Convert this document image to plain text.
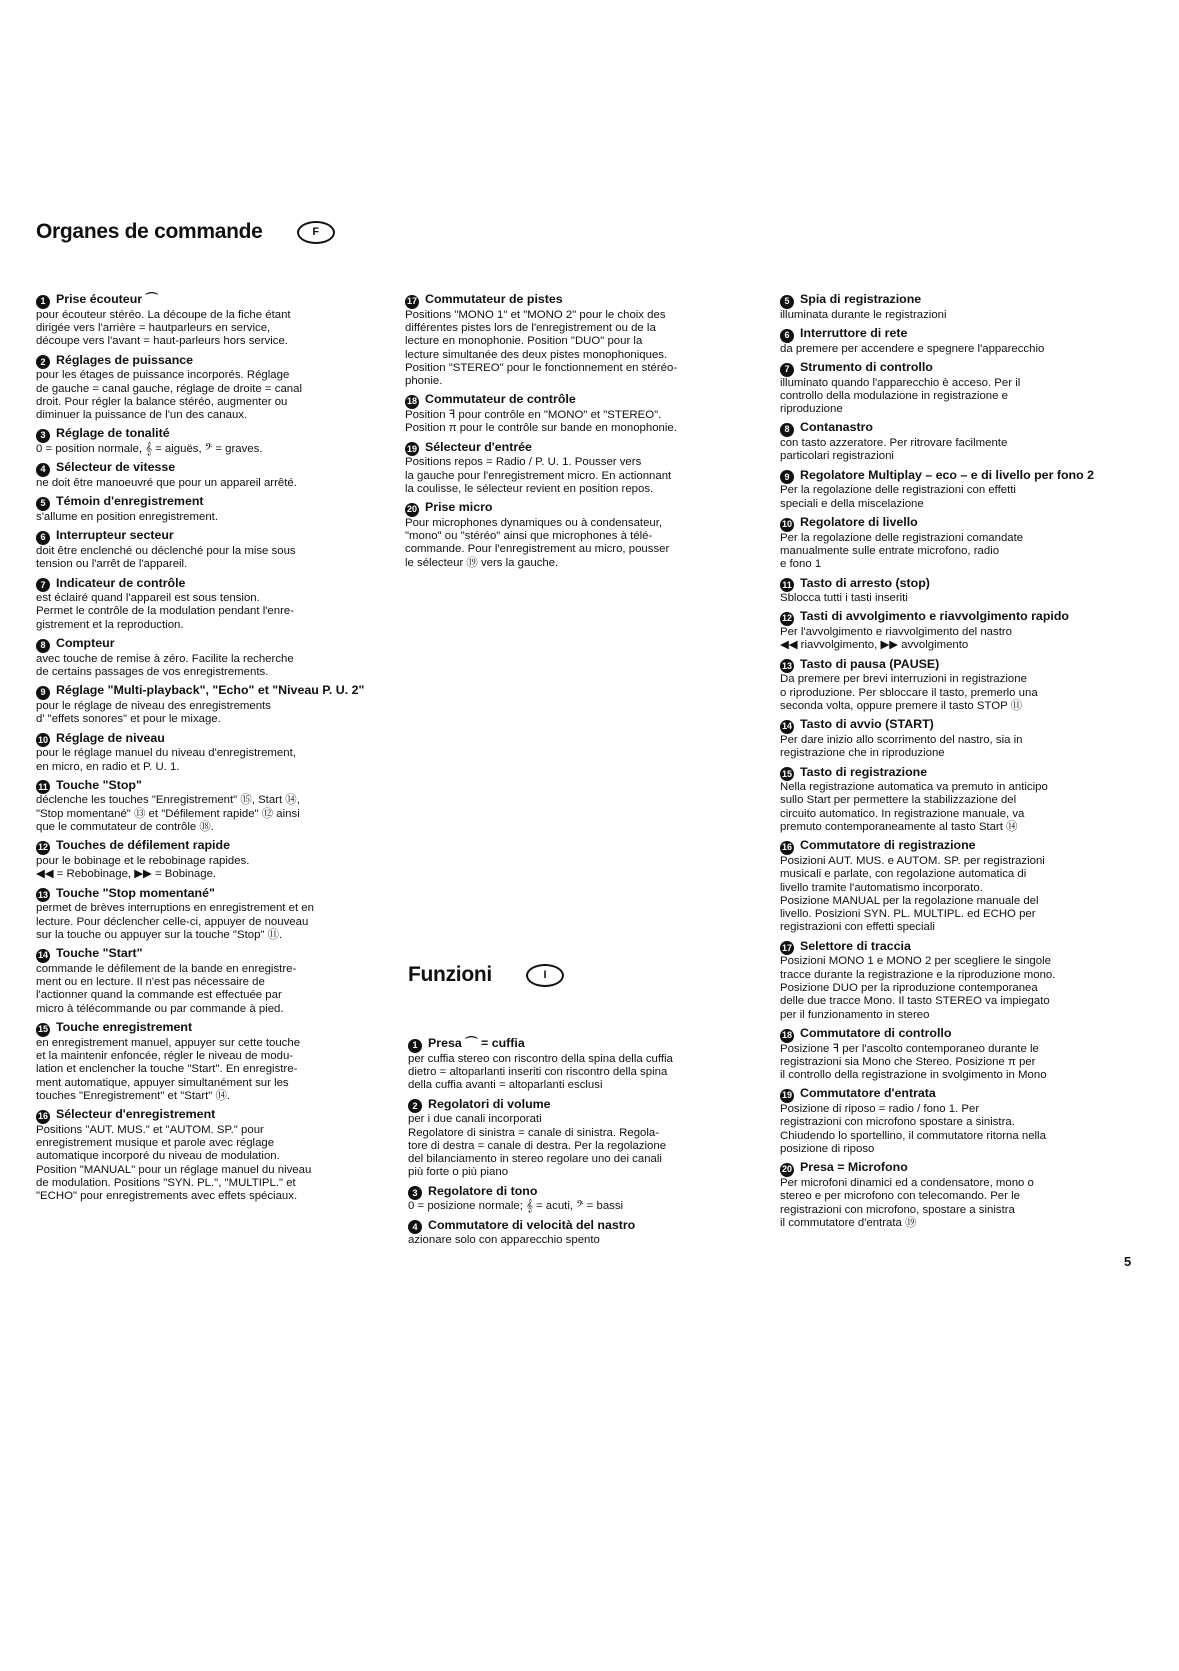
Organes de commande	F
1 Prise écouteur ⌒
pour écouteur stéréo. La découpe de la fiche étant
dirigée vers l'arrière = hautparleurs en service,
découpe vers l'avant = haut-parleurs hors service.
2 Réglages de puissance
pour les étages de puissance incorporés. Réglage
de gauche = canal gauche, réglage de droite = canal
droit. Pour régler la balance stéréo, augmenter ou
diminuer la puissance de l'un des canaux.
3 Réglage de tonalité
0 = position normale, 𝄞 = aiguës, 𝄢 = graves.
4 Sélecteur de vitesse
ne doit être manoeuvré que pour un appareil arrêté.
5 Témoin d'enregistrement
s'allume en position enregistrement.
6 Interrupteur secteur
doit être enclenché ou déclenché pour la mise sous
tension ou l'arrêt de l'appareil.
7 Indicateur de contrôle
est éclairé quand l'appareil est sous tension.
Permet le contrôle de la modulation pendant l'enre-
gistrement et la reproduction.
8 Compteur
avec touche de remise à zéro. Facilite la recherche
de certains passages de vos enregistrements.
9 Réglage "Multi-playback", "Echo" et "Niveau P. U. 2"
pour le réglage de niveau des enregistrements
d' "effets sonores" et pour le mixage.
10 Réglage de niveau
pour le réglage manuel du niveau d'enregistrement,
en micro, en radio et P. U. 1.
11 Touche "Stop"
déclenche les touches "Enregistrement" ⑮, Start ⑭,
"Stop momentané" ⑬ et "Défilement rapide" ⑫ ainsi
que le commutateur de contrôle ⑱.
12 Touches de défilement rapide
pour le bobinage et le rebobinage rapides.
◀◀ = Rebobinage, ▶▶ = Bobinage.
13 Touche "Stop momentané"
permet de brèves interruptions en enregistrement et en
lecture. Pour déclencher celle-ci, appuyer de nouveau
sur la touche ou appuyer sur la touche "Stop" ⑪.
14 Touche "Start"
commande le défilement de la bande en enregistre-
ment ou en lecture. Il n'est pas nécessaire de
l'actionner quand la commande est effectuée par
micro à télécommande ou par commande à pied.
15 Touche enregistrement
en enregistrement manuel, appuyer sur cette touche
et la maintenir enfoncée, régler le niveau de modu-
lation et enclencher la touche "Start". En enregistre-
ment automatique, appuyer simultanément sur les
touches "Enregistrement" et "Start" ⑭.
16 Sélecteur d'enregistrement
Positions "AUT. MUS." et "AUTOM. SP." pour
enregistrement musique et parole avec réglage
automatique incorporé du niveau de modulation.
Position "MANUAL" pour un réglage manuel du niveau
de modulation. Positions "SYN. PL.", "MULTIPL." et
"ECHO" pour enregistrements avec effets spéciaux.
17 Commutateur de pistes
Positions "MONO 1" et "MONO 2" pour le choix des
différentes pistes lors de l'enregistrement ou de la
lecture en monophonie. Position "DUO" pour la
lecture simultanée des deux pistes monophoniques.
Position "STEREO" pour le fonctionnement en stéréo-
phonie.
18 Commutateur de contrôle
Position ꟻ pour contrôle en "MONO" et "STEREO".
Position π pour le contrôle sur bande en monophonie.
19 Sélecteur d'entrée
Positions repos = Radio / P. U. 1. Pousser vers
la gauche pour l'enregistrement micro. En actionnant
la coulisse, le sélecteur revient en position repos.
20 Prise micro
Pour microphones dynamiques ou à condensateur,
"mono" ou "stéréo" ainsi que microphones à télé-
commande. Pour l'enregistrement au micro, pousser
le sélecteur ⑲ vers la gauche.
Funzioni	I
1 Presa ⌒ = cuffia
per cuffia stereo con riscontro della spina della cuffia
dietro = altoparlanti inseriti con riscontro della spina
della cuffia avanti = altoparlanti esclusi
2 Regolatori di volume
per i due canali incorporati
Regolatore di sinistra = canale di sinistra. Regola-
tore di destra = canale di destra. Per la regolazione
del bilanciamento in stereo regolare uno dei canali
più forte o più piano
3 Regolatore di tono
0 = posizione normale; 𝄞 = acuti, 𝄢 = bassi
4 Commutatore di velocità del nastro
azionare solo con apparecchio spento
5 Spia di registrazione
illuminata durante le registrazioni
6 Interruttore di rete
da premere per accendere e spegnere l'apparecchio
7 Strumento di controllo
illuminato quando l'apparecchio è acceso. Per il
controllo della modulazione in registrazione e
riproduzione
8 Contanastro
con tasto azzeratore. Per ritrovare facilmente
particolari registrazioni
9 Regolatore Multiplay – eco – e di livello per fono 2
Per la regolazione delle registrazioni con effetti
speciali e della miscelazione
10 Regolatore di livello
Per la regolazione delle registrazioni comandate
manualmente sulle entrate microfono, radio
e fono 1
11 Tasto di arresto (stop)
Sblocca tutti i tasti inseriti
12 Tasti di avvolgimento e riavvolgimento rapido
Per l'avvolgimento e riavvolgimento del nastro
◀◀ riavvolgimento, ▶▶ avvolgimento
13 Tasto di pausa (PAUSE)
Da premere per brevi interruzioni in registrazione
o riproduzione. Per sbloccare il tasto, premerlo una
seconda volta, oppure premere il tasto STOP ⑪
14 Tasto di avvio (START)
Per dare inizio allo scorrimento del nastro, sia in
registrazione che in riproduzione
15 Tasto di registrazione
Nella registrazione automatica va premuto in anticipo
sullo Start per permettere la stabilizzazione del
circuito automatico. In registrazione manuale, va
premuto contemporaneamente al tasto Start ⑭
16 Commutatore di registrazione
Posizioni AUT. MUS. e AUTOM. SP. per registrazioni
musicali e parlate, con regolazione automatica di
livello tramite l'automatismo incorporato.
Posizione MANUAL per la regolazione manuale del
livello. Posizioni SYN. PL. MULTIPL. ed ECHO per
registrazioni con effetti speciali
17 Selettore di traccia
Posizioni MONO 1 e MONO 2 per scegliere le singole
tracce durante la registrazione e la riproduzione mono.
Posizione DUO per la riproduzione contemporanea
delle due tracce Mono. Il tasto STEREO va impiegato
per il funzionamento in stereo
18 Commutatore di controllo
Posizione ꟻ per l'ascolto contemporaneo durante le
registrazioni sia Mono che Stereo. Posizione π per
il controllo della registrazione in svolgimento in Mono
19 Commutatore d'entrata
Posizione di riposo = radio / fono 1. Per
registrazioni con microfono spostare a sinistra.
Chiudendo lo sportellino, il commutatore ritorna nella
posizione di riposo
20 Presa = Microfono
Per microfoni dinamici ed a condensatore, mono o
stereo e per microfono con telecomando. Per le
registrazioni con microfono, spostare a sinistra
il commutatore d'entrata ⑲
5
